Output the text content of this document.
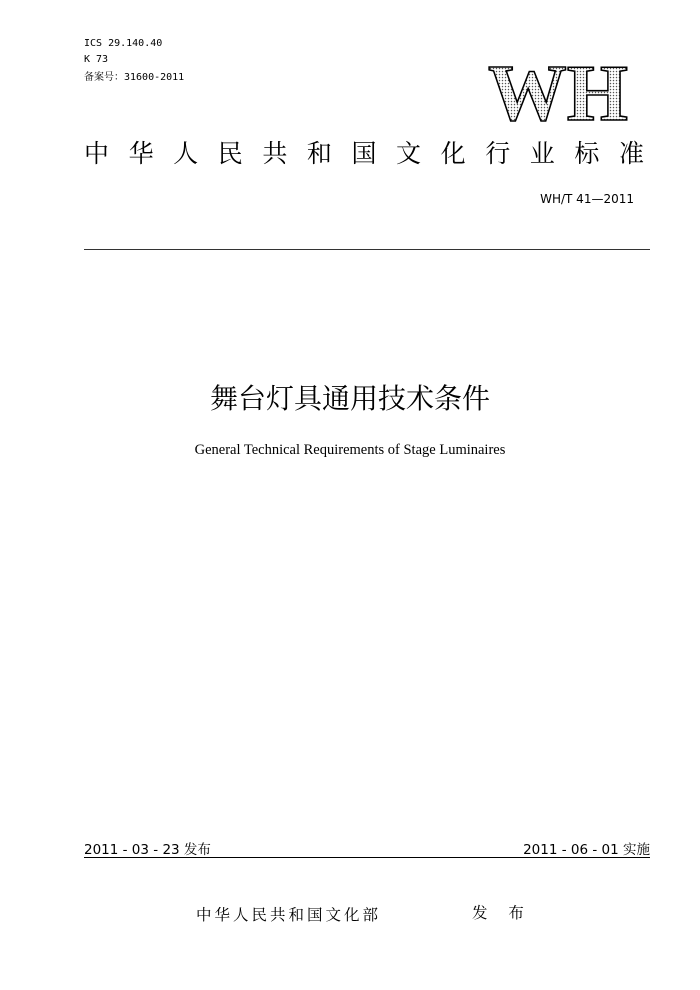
ICS 29.140.40
K 73
备案号：31600-2011	WH
中 华 人 民 共 和 国 文 化 行 业 标 准
WH/T 41—2011
舞台灯具通用技术条件
General Technical Requirements of Stage Luminaires
2011 - 03 - 23 发布	2011 - 06 - 01 实施
中华人民共和国文化部	发 布
